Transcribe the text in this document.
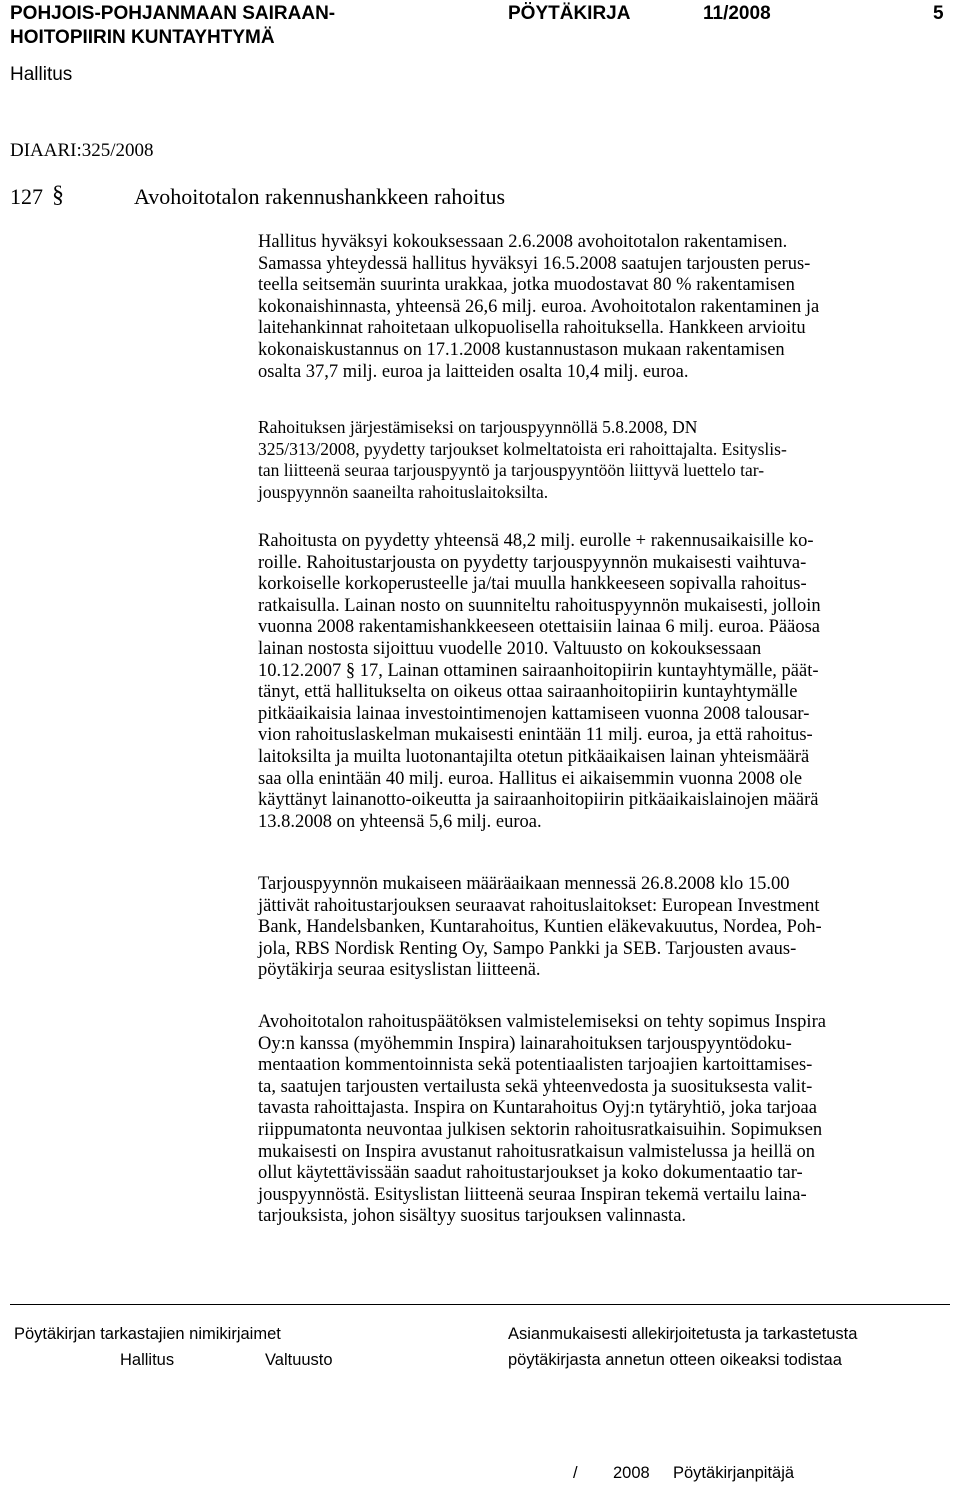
POHJOIS-POHJANMAAN SAIRAAN-
HOITOPIIRIN KUNTAYHTYMÄ
PÖYTÄKIRJA	11/2008	5
Hallitus
DIAARI:325/2008
127 §	Avohoitotalon rakennushankkeen rahoitus
Hallitus hyväksyi kokouksessaan 2.6.2008 avohoitotalon rakentamisen.
Samassa yhteydessä hallitus hyväksyi 16.5.2008 saatujen tarjousten perus-
teella seitsemän suurinta urakkaa, jotka muodostavat 80 % rakentamisen
kokonaishinnasta, yhteensä 26,6 milj. euroa. Avohoitotalon rakentaminen ja
laitehankinnat rahoitetaan ulkopuolisella rahoituksella. Hankkeen arvioitu
kokonaiskustannus on 17.1.2008 kustannustason mukaan rakentamisen
osalta 37,7 milj. euroa ja laitteiden osalta 10,4 milj. euroa.
Rahoituksen järjestämiseksi on tarjouspyynnöllä 5.8.2008, DN
325/313/2008, pyydetty tarjoukset kolmeltatoista eri rahoittajalta. Esityslis-
tan liitteenä seuraa tarjouspyyntö ja tarjouspyyntöön liittyvä luettelo tar-
jouspyynnön saaneilta rahoituslaitoksilta.
Rahoitusta on pyydetty yhteensä 48,2 milj. eurolle + rakennusaikaisille ko-
roille. Rahoitustarjousta on pyydetty tarjouspyynnön mukaisesti vaihtuva-
korkoiselle korkoperusteelle ja/tai muulla hankkeeseen sopivalla rahoitus-
ratkaisulla. Lainan nosto on suunniteltu rahoituspyynnön mukaisesti, jolloin
vuonna 2008 rakentamishankkeeseen otettaisiin lainaa 6 milj. euroa. Pääosa
lainan nostosta sijoittuu vuodelle 2010. Valtuusto on kokouksessaan
10.12.2007 § 17, Lainan ottaminen sairaanhoitopiirin kuntayhtymälle, päät-
tänyt, että hallitukselta on oikeus ottaa sairaanhoitopiirin kuntayhtymälle
pitkäaikaisia lainaa investointimenojen kattamiseen vuonna 2008 talousar-
vion rahoituslaskelman mukaisesti enintään 11 milj. euroa, ja että rahoitus-
laitoksilta ja muilta luotonantajilta otetun pitkäaikaisen lainan yhteismäärä
saa olla enintään 40 milj. euroa. Hallitus ei aikaisemmin vuonna 2008 ole
käyttänyt lainanotto-oikeutta ja sairaanhoitopiirin pitkäaikaislainojen määrä
13.8.2008 on yhteensä 5,6 milj. euroa.
Tarjouspyynnön mukaiseen määräaikaan mennessä 26.8.2008 klo 15.00
jättivät rahoitustarjouksen seuraavat rahoituslaitokset: European Investment
Bank, Handelsbanken, Kuntarahoitus, Kuntien eläkevakuutus, Nordea, Poh-
jola, RBS Nordisk Renting Oy, Sampo Pankki ja SEB. Tarjousten avaus-
pöytäkirja seuraa esityslistan liitteenä.
Avohoitotalon rahoituspäätöksen valmistelemiseksi on tehty sopimus Inspira
Oy:n kanssa (myöhemmin Inspira) lainarahoituksen tarjouspyyntödoku-
mentaation kommentoinnista sekä potentiaalisten tarjoajien kartoittamises-
ta, saatujen tarjousten vertailusta sekä yhteenvedosta ja suosituksesta valit-
tavasta rahoittajasta. Inspira on Kuntarahoitus Oyj:n tytäryhtiö, joka tarjoaa
riippumatonta neuvontaa julkisen sektorin rahoitusratkaisuihin. Sopimuksen
mukaisesti on Inspira avustanut rahoitusratkaisun valmistelussa ja heillä on
ollut käytettävissään saadut rahoitustarjoukset ja koko dokumentaatio tar-
jouspyynnöstä. Esityslistan liitteenä seuraa Inspiran tekemä vertailu laina-
tarjouksista, johon sisältyy suositus tarjouksen valinnasta.
Pöytäkirjan tarkastajien nimikirjaimet
Hallitus	Valtuusto
Asianmukaisesti allekirjoitetusta ja tarkastetusta
pöytäkirjasta annetun otteen oikeaksi todistaa
/ 2008 Pöytäkirjanpitäjä
